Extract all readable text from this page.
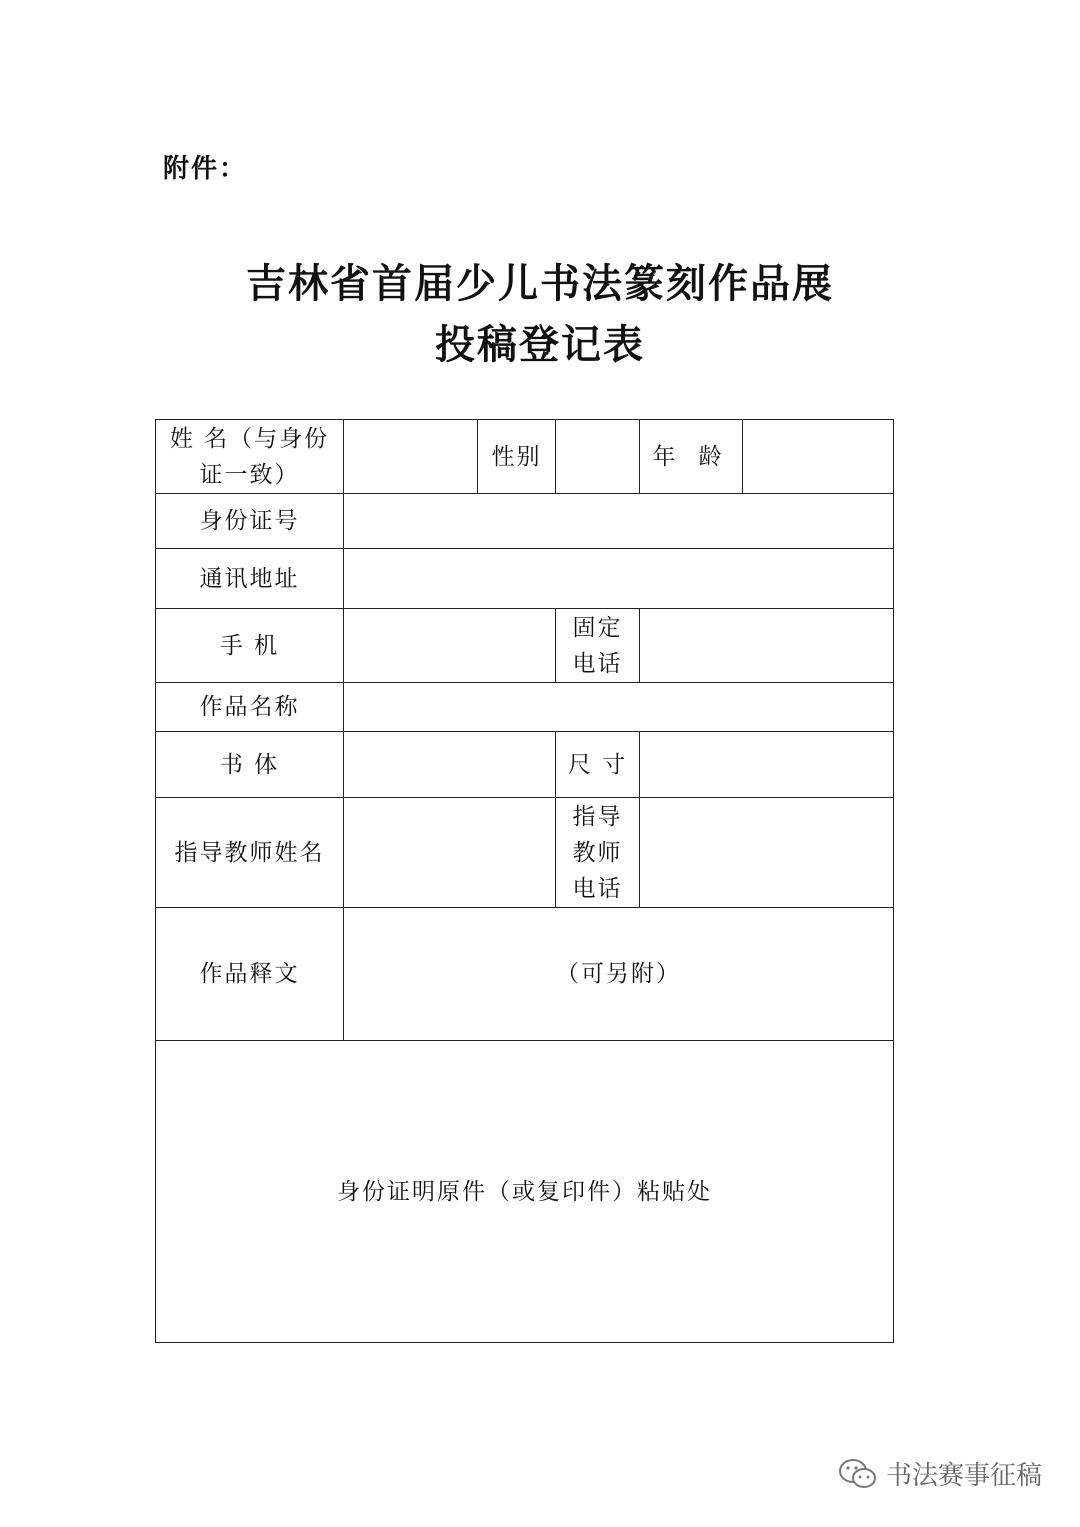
附件：
吉林省首届少儿书法篆刻作品展
投稿登记表
姓 名（与身份
证一致）		性别		年 龄	
身份证号					
通讯地址					
手 机			固定
电话		

作品名称					
书 体			尺 寸		
指导教师姓名			指导
教师
电话		

作品释文	（可另附）				
身份证明原件（或复印件）粘贴处					
书法赛事征稿
